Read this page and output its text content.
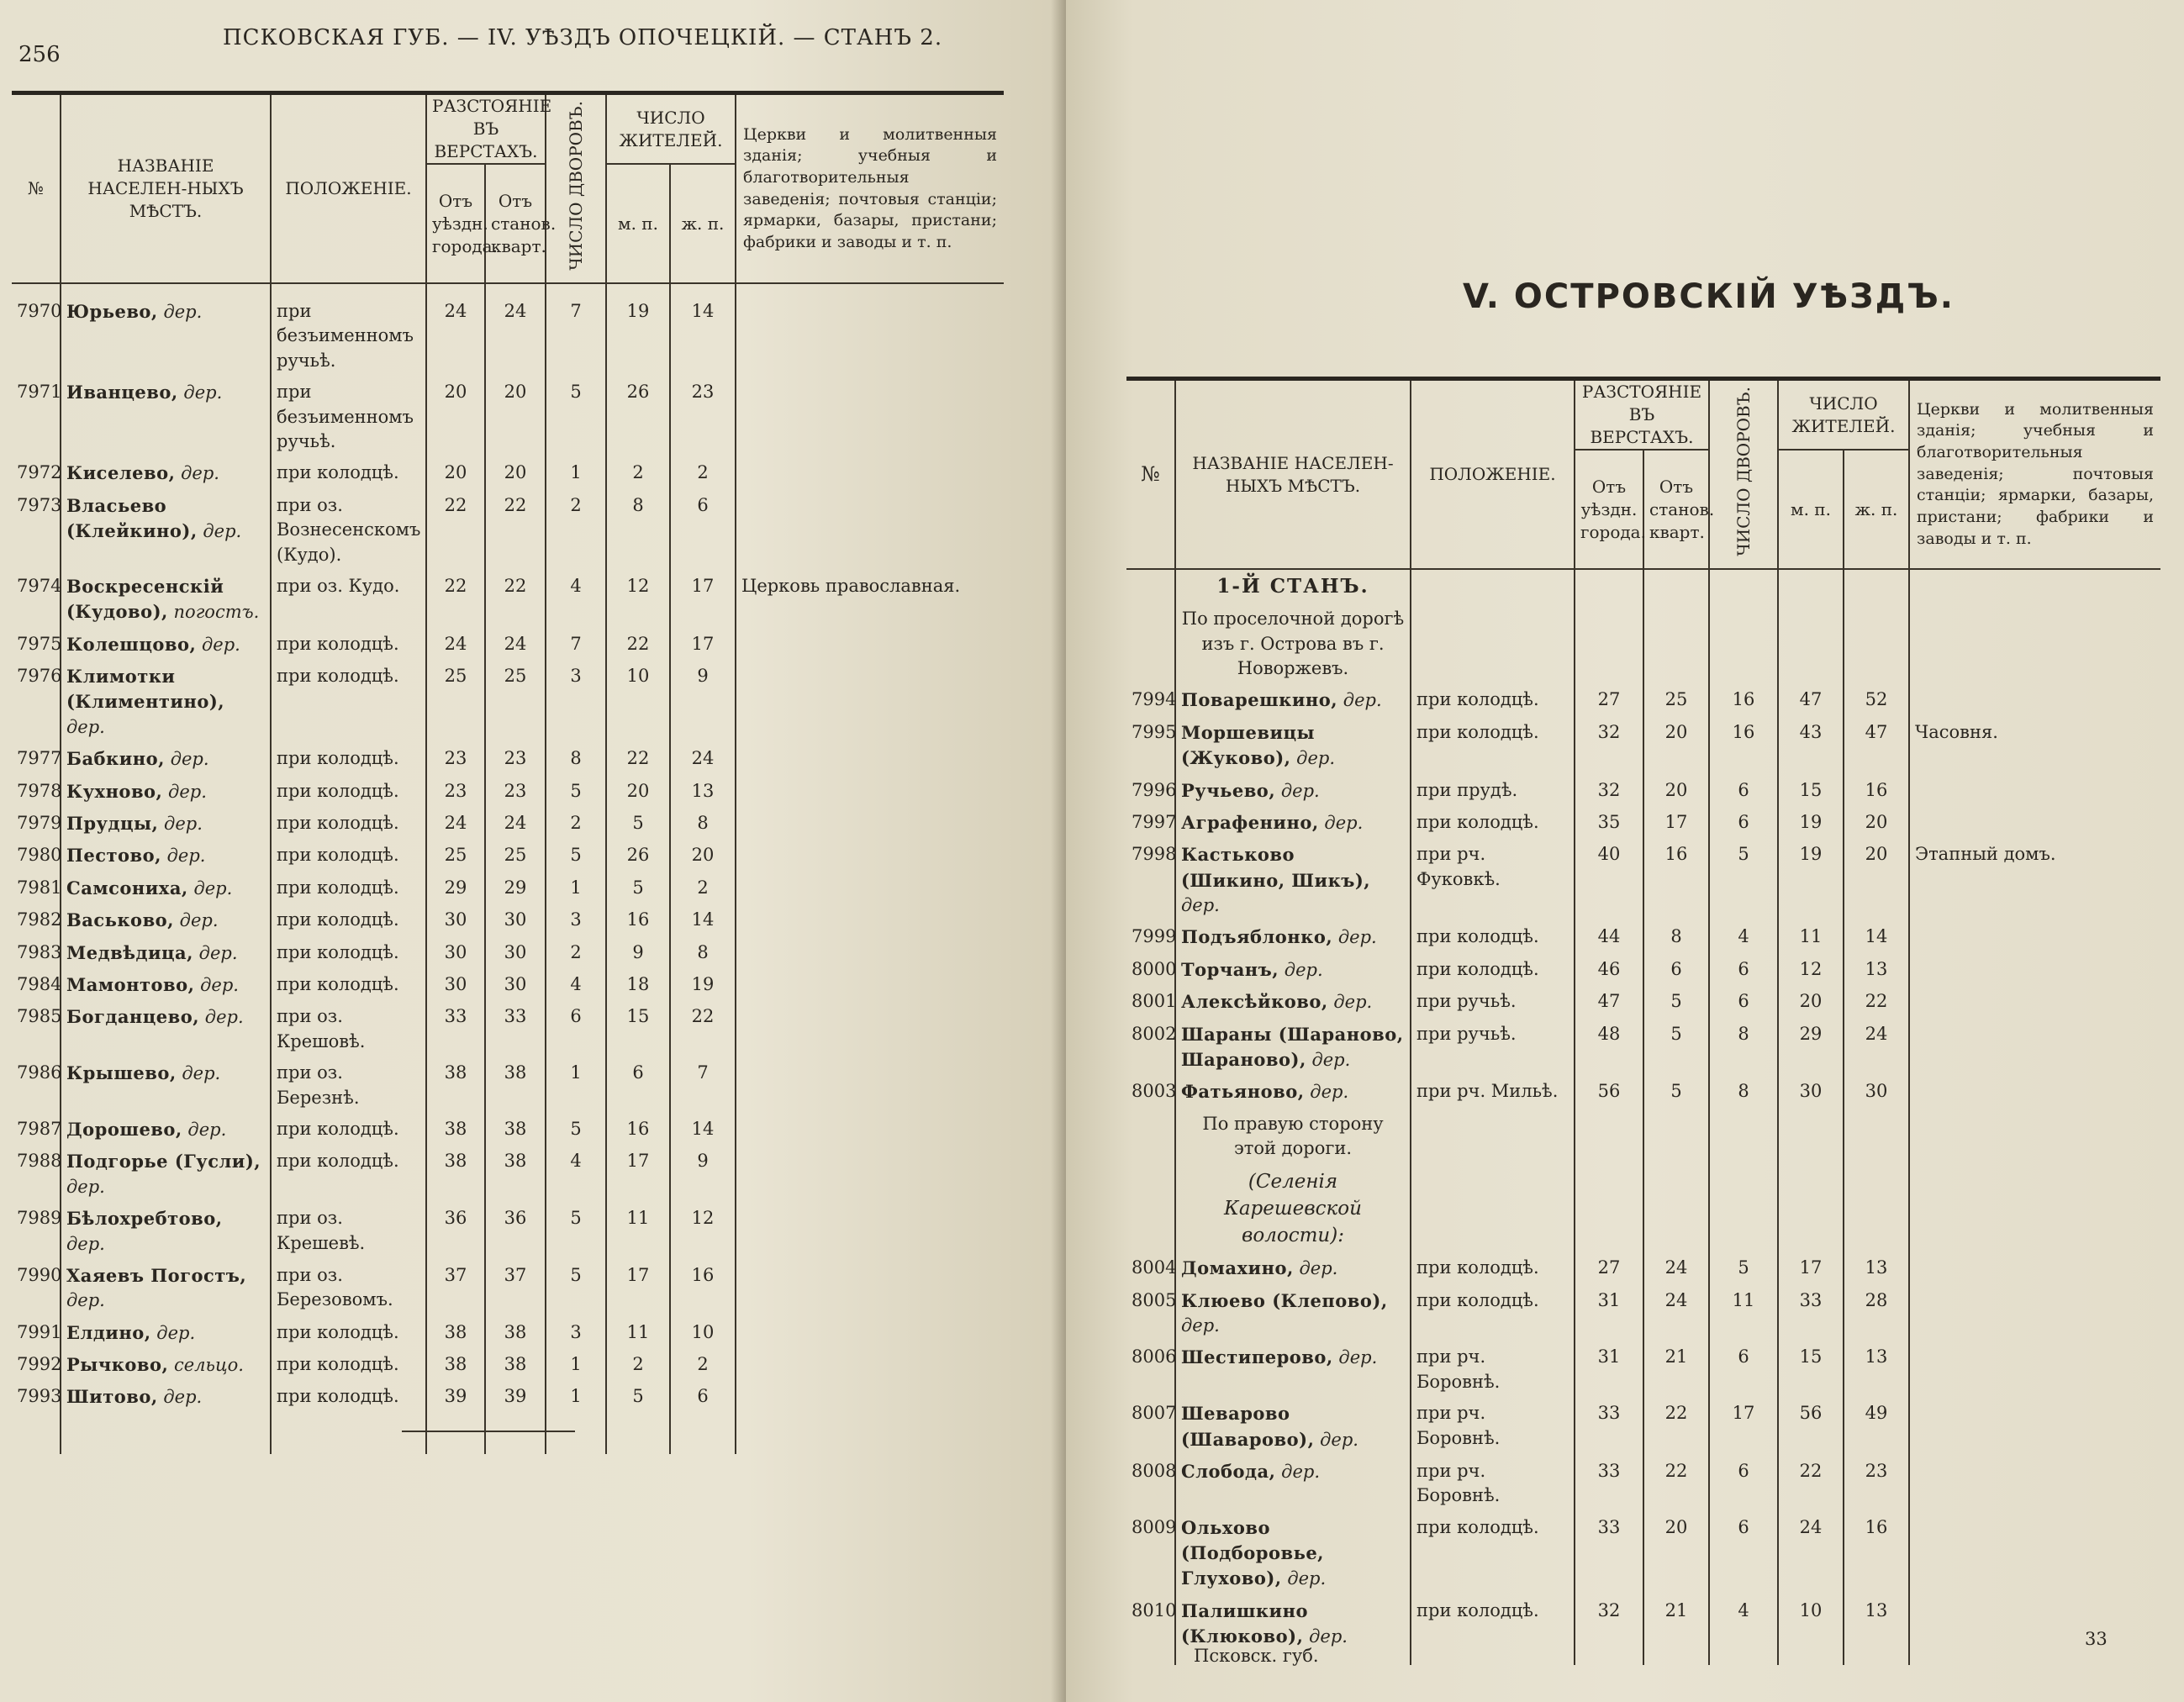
256
ПСКОВСКАЯ ГУБ. — IV. УѢЗДЪ ОПОЧЕЦКІЙ. — СТАНЪ 2.
№	НАЗВАНІЕ НАСЕЛЕН-НЫХЪ МѢСТЪ.	ПОЛОЖЕНІЕ.	РАЗСТОЯНІЕ ВЪ ВЕРСТАХЪ.		ЧИСЛО ДВОРОВЪ.	ЧИСЛО ЖИТЕЛЕЙ.		Церкви и молитвенныя зданія; учебныя и благотворительныя заведенія; почтовыя станціи; ярмарки, базары, пристани; фабрики и заводы и т. п.
			Отъ уѣздн. города.	Отъ станов. кварт.		м. п.	ж. п.	

7970	Юрьево, дер.	при безъименномъ ручьѣ.	24	24	7	19	14	
7971	Иванцево, дер.	при безъименномъ ручьѣ.	20	20	5	26	23	
7972	Киселево, дер.	при колодцѣ.	20	20	1	2	2	
7973	Власьево (Клейкино), дер.	при оз. Вознесенскомъ (Кудо).	22	22	2	8	6	
7974	Воскресенскій (Кудово), погостъ.	при оз. Кудо.	22	22	4	12	17	Церковь православная.
7975	Колешцово, дер.	при колодцѣ.	24	24	7	22	17	
7976	Климотки (Климентино), дер.	при колодцѣ.	25	25	3	10	9	
7977	Бабкино, дер.	при колодцѣ.	23	23	8	22	24	
7978	Кухново, дер.	при колодцѣ.	23	23	5	20	13	
7979	Прудцы, дер.	при колодцѣ.	24	24	2	5	8	
7980	Пестово, дер.	при колодцѣ.	25	25	5	26	20	
7981	Самсониха, дер.	при колодцѣ.	29	29	1	5	2	
7982	Васьково, дер.	при колодцѣ.	30	30	3	16	14	
7983	Медвѣдица, дер.	при колодцѣ.	30	30	2	9	8	
7984	Мамонтово, дер.	при колодцѣ.	30	30	4	18	19	
7985	Богданцево, дер.	при оз. Крешовѣ.	33	33	6	15	22	
7986	Крышево, дер.	при оз. Березнѣ.	38	38	1	6	7	
7987	Дорошево, дер.	при колодцѣ.	38	38	5	16	14	
7988	Подгорье (Гусли), дер.	при колодцѣ.	38	38	4	17	9	
7989	Бѣлохребтово, дер.	при оз. Крешевѣ.	36	36	5	11	12	
7990	Хаяевъ Погостъ, дер.	при оз. Березовомъ.	37	37	5	17	16	
7991	Елдино, дер.	при колодцѣ.	38	38	3	11	10	
7992	Рычково, сельцо.	при колодцѣ.	38	38	1	2	2	
7993	Шитово, дер.	при колодцѣ.	39	39	1	5	6	

V. ОСТРОВСКІЙ УѢЗДЪ.
№	НАЗВАНІЕ НАСЕЛЕН-НЫХЪ МѢСТЪ.	ПОЛОЖЕНІЕ.	РАЗСТОЯНІЕ ВЪ ВЕРСТАХЪ.		ЧИСЛО ДВОРОВЪ.	ЧИСЛО ЖИТЕЛЕЙ.		Церкви и молитвенныя зданія; учебныя и благотворительныя заведенія; почтовыя станціи; ярмарки, базары, пристани; фабрики и заводы и т. п.
			Отъ уѣздн. города.	Отъ станов. кварт.		м. п.	ж. п.	
	1-Й СТАНЪ.							
	По проселочной дорогѣ изъ г. Острова въ г. Новоржевъ.							
7994	Поварешкино, дер.	при колодцѣ.	27	25	16	47	52	
7995	Моршевицы (Жуково), дер.	при колодцѣ.	32	20	16	43	47	Часовня.
7996	Ручьево, дер.	при прудѣ.	32	20	6	15	16	
7997	Аграфенино, дер.	при колодцѣ.	35	17	6	19	20	
7998	Кастьково (Шикино, Шикъ), дер.	при рч. Фуковкѣ.	40	16	5	19	20	Этапный домъ.
7999	Подъяблонко, дер.	при колодцѣ.	44	8	4	11	14	
8000	Торчанъ, дер.	при колодцѣ.	46	6	6	12	13	
8001	Алексѣйково, дер.	при ручьѣ.	47	5	6	20	22	
8002	Шараны (Шараново, Шараново), дер.	при ручьѣ.	48	5	8	29	24	
8003	Фатьяново, дер.	при рч. Мильѣ.	56	5	8	30	30	
	По правую сторону этой дороги.							
	(Селенія Карешевской волости):							
8004	Домахино, дер.	при колодцѣ.	27	24	5	17	13	
8005	Клюево (Клепово), дер.	при колодцѣ.	31	24	11	33	28	
8006	Шестиперово, дер.	при рч. Боровнѣ.	31	21	6	15	13	
8007	Шеварово (Шаварово), дер.	при рч. Боровнѣ.	33	22	17	56	49	
8008	Слобода, дер.	при рч. Боровнѣ.	33	22	6	22	23	
8009	Ольхово (Подборовье, Глухово), дер.	при колодцѣ.	33	20	6	24	16	
8010	Палишкино (Клюково), дер.	при колодцѣ.	32	21	4	10	13	

Псковск. губ.
33
